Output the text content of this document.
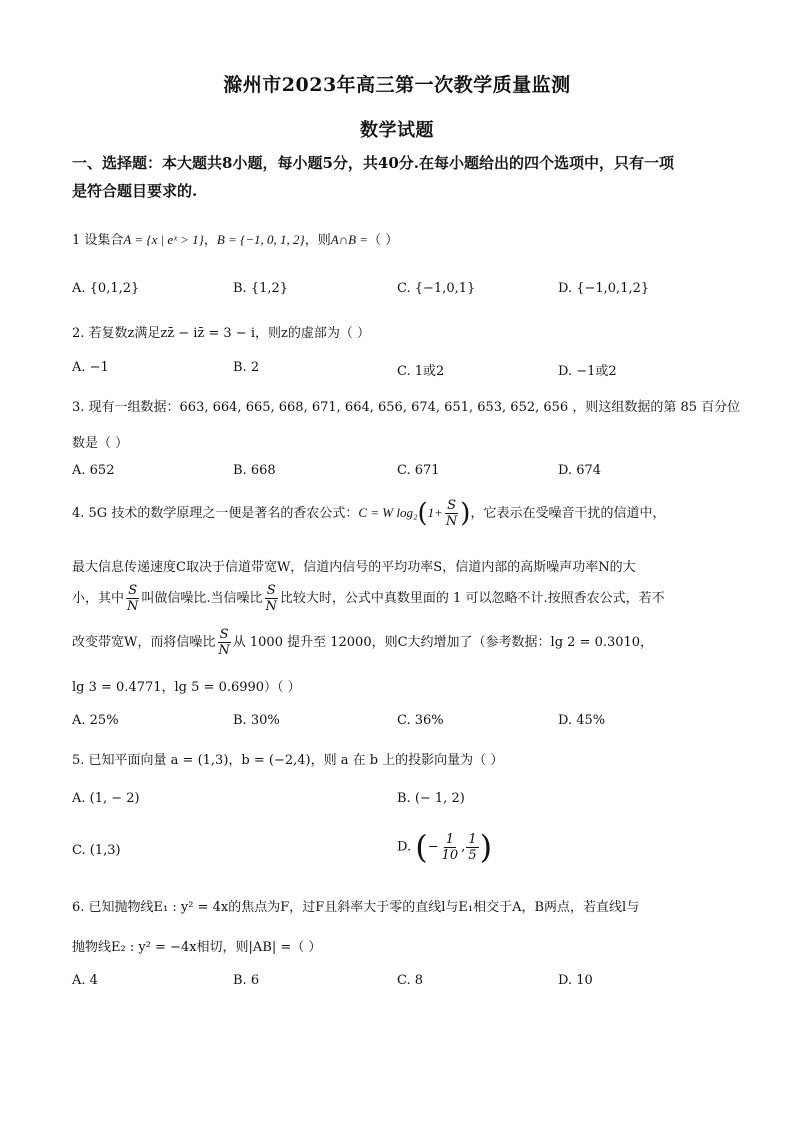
滁州市2023年高三第一次教学质量监测
数学试题
一、选择题：本大题共8小题，每小题5分，共40分.在每小题给出的四个选项中，只有一项
是符合题目要求的.
1 设集合A = {x | eˣ > 1}，B = {−1, 0, 1, 2}，则A∩B =（ ）
A. {0,1,2}	B. {1,2}	C. {−1,0,1}	D. {−1,0,1,2}
2. 若复数z满足zz̄ − iz̄ = 3 − i，则z的虚部为（ ）
A. −1	B. 2	C. 1或2	D. −1或2
3. 现有一组数据：663, 664, 665, 668, 671, 664, 656, 674, 651, 653, 652, 656 ，则这组数据的第 85 百分位
数是（ ）
A. 652	B. 668	C. 671	D. 674
4. 5G 技术的数学原理之一便是著名的香农公式：C = W $\log_2(1+ \frac{S}{N}$ )，它表示在受噪音干扰的信道中，
最大信息传递速度C取决于信道带宽W，信道内信号的平均功率S，信道内部的高斯噪声功率N的大
小，其中 $\frac{S}{N}$ 叫做信噪比.当信噪比 $\frac{S}{N}$ 比较大时，公式中真数里面的 1 可以忽略不计.按照香农公式，若不
改变带宽W，而将信噪比 $\frac{S}{N}$ 从 1000 提升至 12000，则C大约增加了（参考数据：lg 2 = 0.3010，
lg 3 = 0.4771，lg 5 = 0.6990）（ ）
A. 25%	B. 30%	C. 36%	D. 45%
5. 已知平面向量 a = (1,3)，b = (−2,4)，则 a 在 b 上的投影向量为（ ）
A. (1, − 2)	B. (− 1, 2)
C. (1,3)	D. (− $\frac{1}{10}$ , $\frac{1}{5}$ )
6. 已知抛物线E₁ : y² = 4x的焦点为F，过F且斜率大于零的直线l与E₁相交于A，B两点，若直线l与
抛物线E₂ : y² = −4x相切，则|AB| =（ ）
A. 4	B. 6	C. 8	D. 10
